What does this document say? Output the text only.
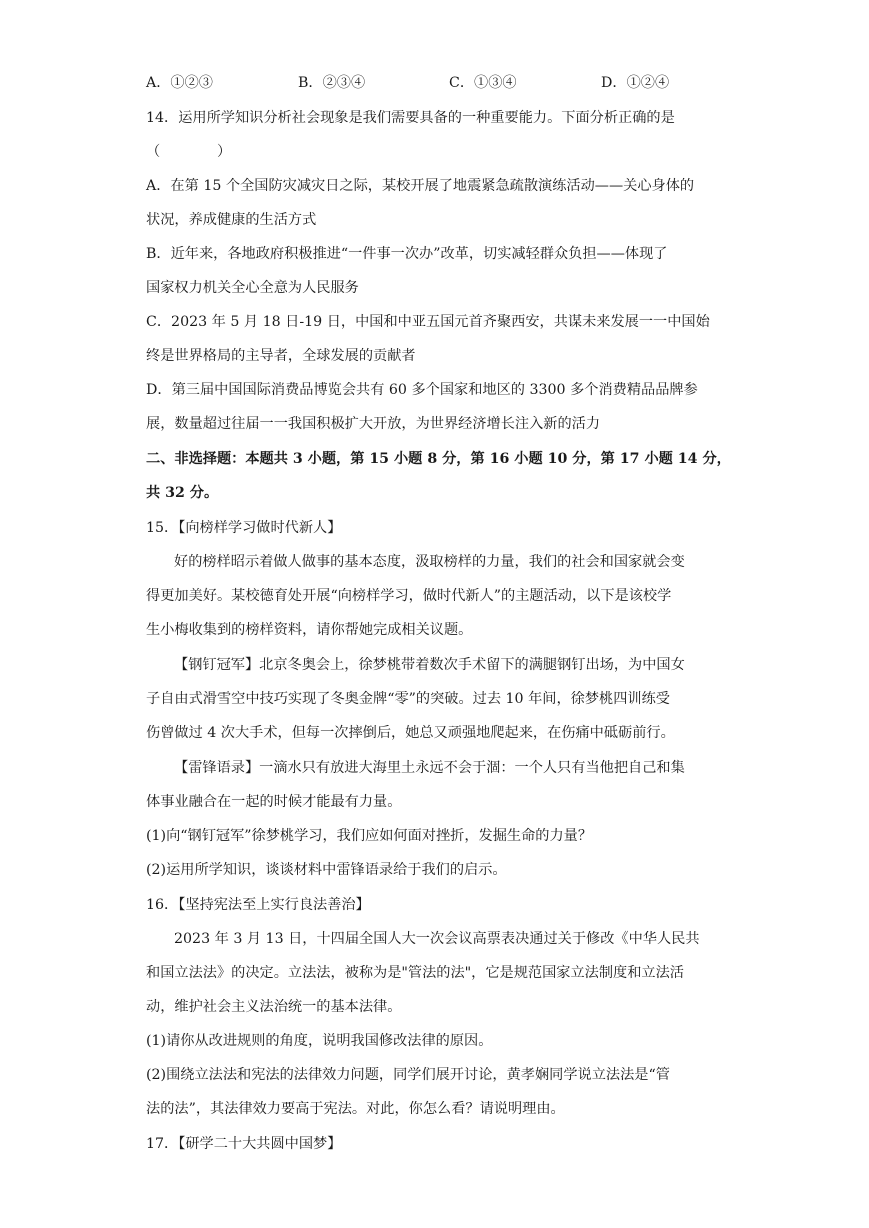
A．①②③	B．②③④	C．①③④	D．①②④
14．运用所学知识分析社会现象是我们需要具备的一种重要能力。下面分析正确的是
（　　　　）
A．在第 15 个全国防灾减灾日之际，某校开展了地震紧急疏散演练活动——关心身体的
状况，养成健康的生活方式
B．近年来，各地政府积极推进“一件事一次办”改革，切实减轻群众负担——体现了
国家权力机关全心全意为人民服务
C．2023 年 5 月 18 日-19 日，中国和中亚五国元首齐聚西安，共谋未来发展一一中国始
终是世界格局的主导者，全球发展的贡献者
D．第三届中国国际消费品博览会共有 60 多个国家和地区的 3300 多个消费精品品牌参
展，数量超过往届一一我国积极扩大开放，为世界经济增长注入新的活力
二、非选择题：本题共 3 小题，第 15 小题 8 分，第 16 小题 10 分，第 17 小题 14 分，
共 32 分。
15．【向榜样学习做时代新人】
好的榜样昭示着做人做事的基本态度，汲取榜样的力量，我们的社会和国家就会变
得更加美好。某校德育处开展“向榜样学习，做时代新人”的主题活动，以下是该校学
生小梅收集到的榜样资料，请你帮她完成相关议题。
【钢钉冠军】北京冬奥会上，徐梦桃带着数次手术留下的满腿钢钉出场，为中国女
子自由式滑雪空中技巧实现了冬奥金牌“零”的突破。过去 10 年间，徐梦桃四训练受
伤曾做过 4 次大手术，但每一次摔倒后，她总又顽强地爬起来，在伤痛中砥砺前行。
【雷锋语录】一滴水只有放进大海里土永远不会于涸：一个人只有当他把自己和集
体事业融合在一起的时候才能最有力量。
(1)向“钢钉冠军”徐梦桃学习，我们应如何面对挫折，发掘生命的力量？
(2)运用所学知识，谈谈材料中雷锋语录给于我们的启示。
16．【坚持宪法至上实行良法善治】
2023 年 3 月 13 日，十四届全国人大一次会议高票表决通过关于修改《中华人民共
和国立法法》的决定。立法法，被称为是"管法的法"，它是规范国家立法制度和立法活
动，维护社会主义法治统一的基本法律。
(1)请你从改进规则的角度，说明我国修改法律的原因。
(2)围绕立法法和宪法的法律效力问题，同学们展开讨论，黄孝娴同学说立法法是“管
法的法”，其法律效力要高于宪法。对此，你怎么看？请说明理由。
17．【研学二十大共圆中国梦】
